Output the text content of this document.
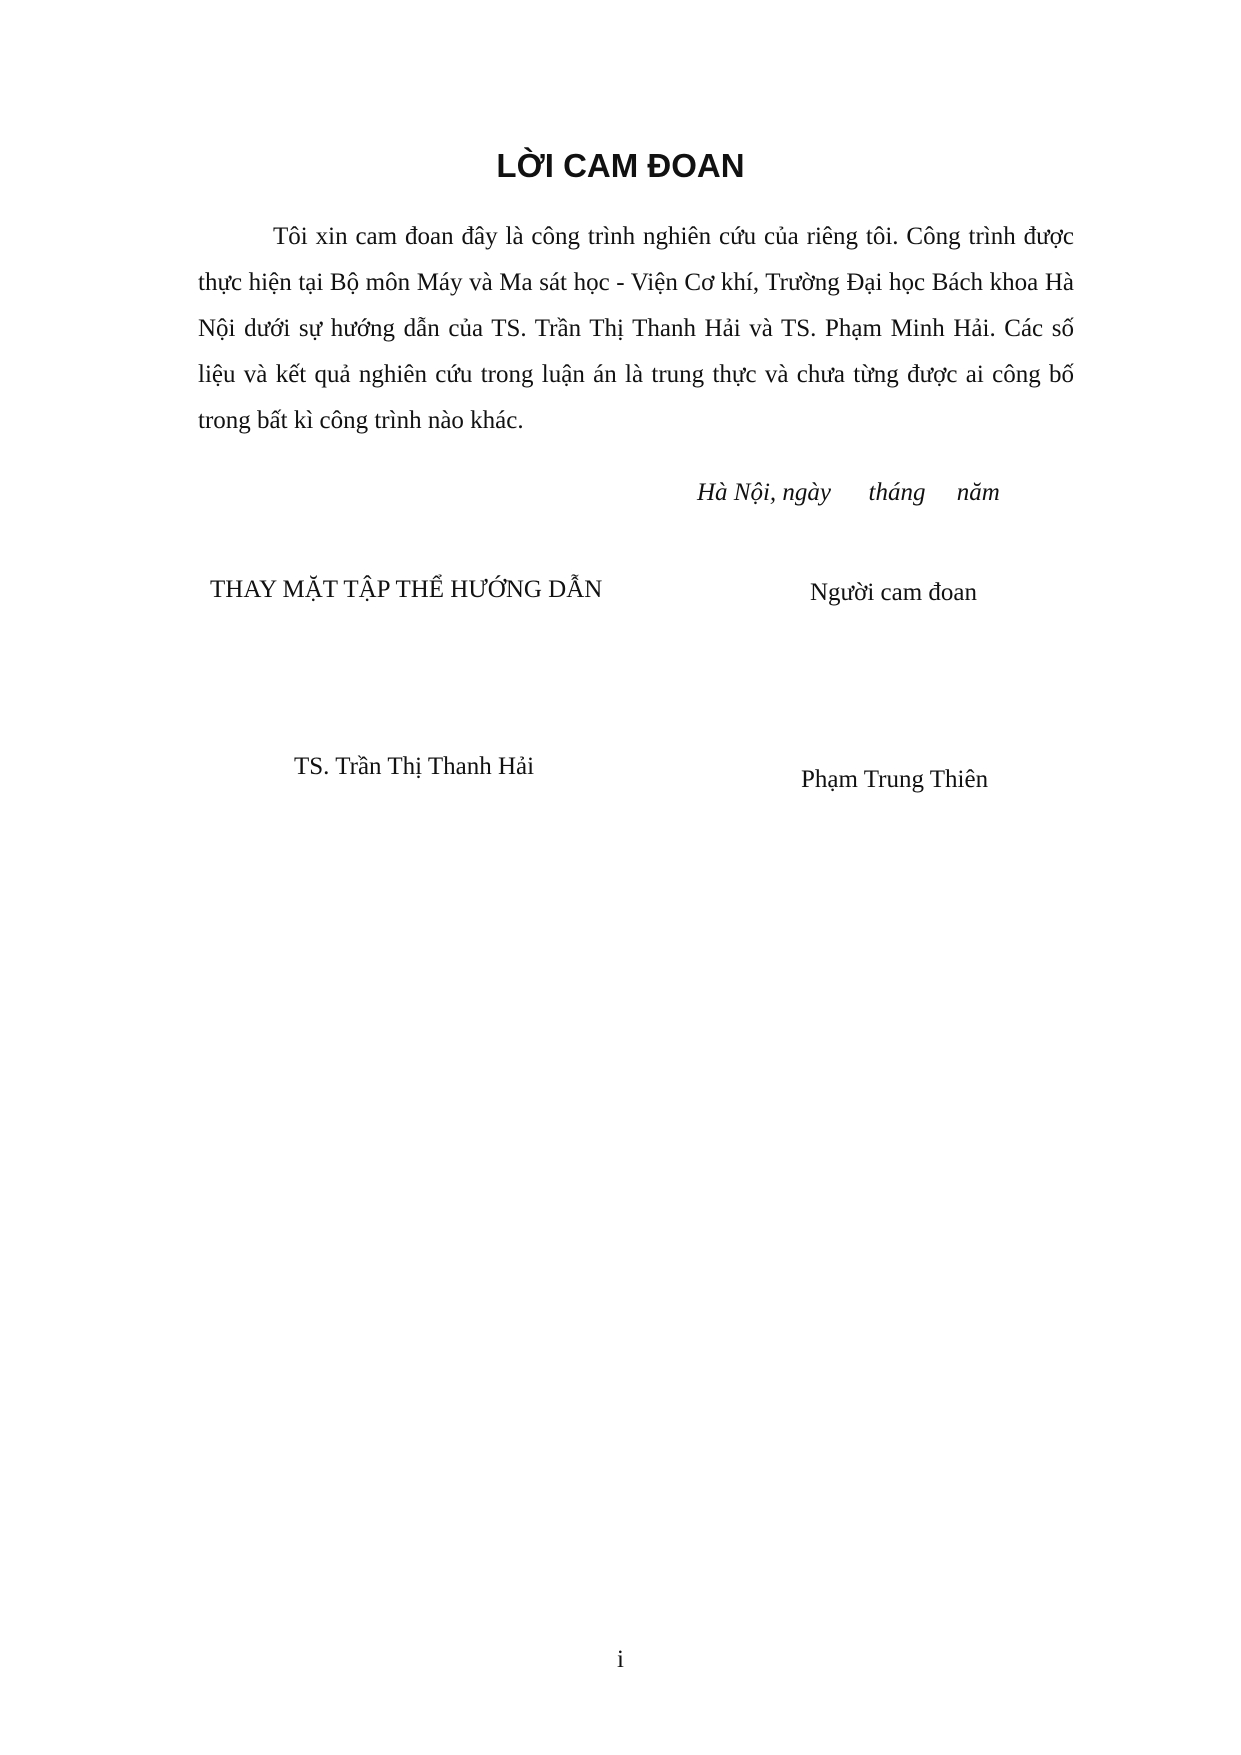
LỜI CAM ĐOAN

Tôi xin cam đoan đây là công trình nghiên cứu của riêng tôi. Công trình được thực hiện tại Bộ môn Máy và Ma sát học - Viện Cơ khí, Trường Đại học Bách khoa Hà Nội dưới sự hướng dẫn của TS. Trần Thị Thanh Hải và TS. Phạm Minh Hải. Các số liệu và kết quả nghiên cứu trong luận án là trung thực và chưa từng được ai công bố trong bất kì công trình nào khác.

Hà Nội, ngày      tháng     năm

THAY MẶT TẬP THỂ HƯỚNG DẪN	Người cam đoan

TS. Trần Thị Thanh Hải	Phạm Trung Thiên

i
